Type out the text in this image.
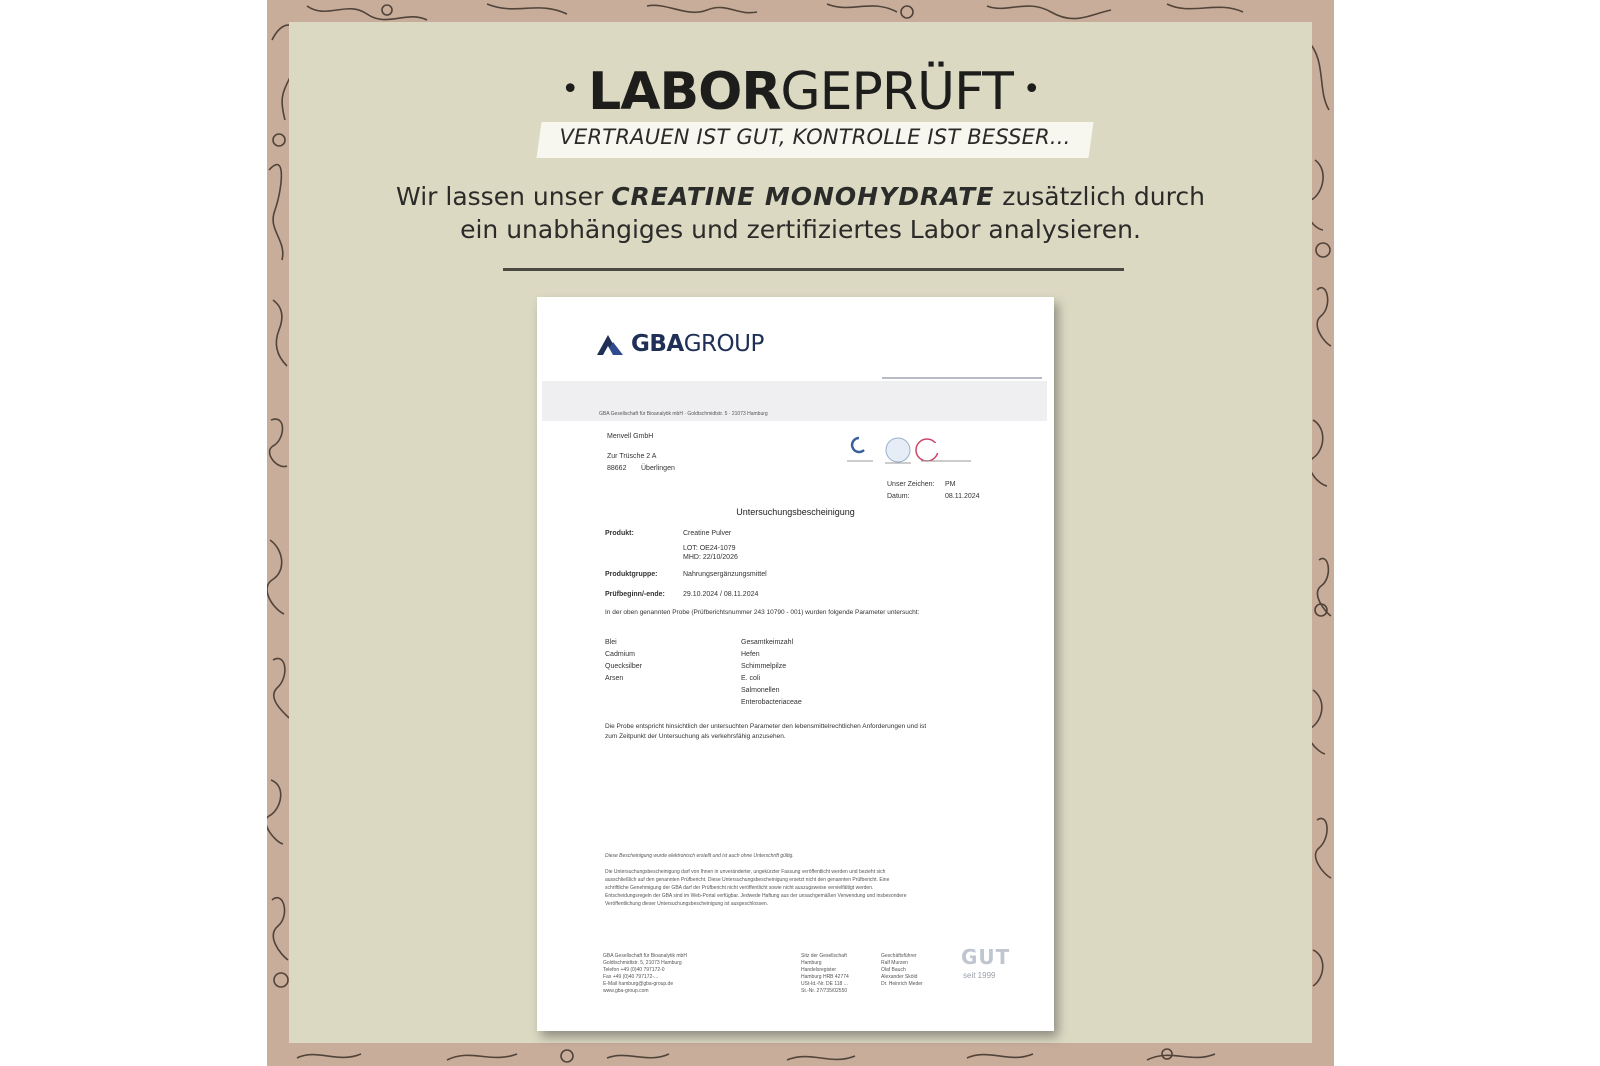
• LABORGEPRÜFT •
VERTRAUEN IST GUT, KONTROLLE IST BESSER...
Wir lassen unser CREATINE MONOHYDRATE zusätzlich durch
ein unabhängiges und zertifiziertes Labor analysieren.
GBAGROUP
GBA Gesellschaft für Bioanalytik mbH · Goldtschmidtstr. 5 · 21073 Hamburg
Menvell GmbH
Zur Trüsche 2 A
88662 Überlingen
Unser Zeichen: PM
Datum:	08.11.2024
Untersuchungsbescheinigung
Produkt:	Creatine Pulver
LOT: OE24-1079
MHD: 22/10/2026
Produktgruppe:	Nahrungsergänzungsmittel
Prüfbeginn/-ende:	29.10.2024 / 08.11.2024
In der oben genannten Probe (Prüfberichtsnummer 243 10790 - 001) wurden folgende Parameter untersucht:
Blei
Cadmium
Quecksilber
Arsen
Gesamtkeimzahl
Hefen
Schimmelpilze
E. coli
Salmonellen
Enterobacteriaceae
Die Probe entspricht hinsichtlich der untersuchten Parameter den lebensmittelrechtlichen Anforderungen und ist
zum Zeitpunkt der Untersuchung als verkehrsfähig anzusehen.
Diese Bescheinigung wurde elektronisch erstellt und ist auch ohne Unterschrift gültig.
Die Untersuchungsbescheinigung darf von Ihnen in unveränderter, ungekürzter Fassung veröffentlicht werden und bezieht sich
ausschließlich auf den genannten Prüfbericht. Diese Untersuchungsbescheinigung ersetzt nicht den genannten Prüfbericht. Eine
schriftliche Genehmigung der GBA darf der Prüfbericht nicht veröffentlicht sowie nicht auszugsweise vervielfältigt werden.
Entscheidungsregeln der GBA sind im Web-Portal verfügbar. Jedwede Haftung aus der unsachgemäßen Verwendung und insbesondere
Veröffentlichung dieser Untersuchungsbescheinigung ist ausgeschlossen.
GBA Gesellschaft für Bioanalytik mbH
Goldtschmidtstr. 5, 21073 Hamburg
Telefon +49 (0)40 797172-0
Fax +49 (0)40 797172-...
E-Mail hamburg@gba-group.de
www.gba-group.com
Sitz der Gesellschaft
Hamburg
Handelsregister
Hamburg HRB 42774
USt-Id.-Nr. DE 118 ...
St.-Nr. 27/735/02550
Geschäftsführer
Ralf Murzen
Olaf Bauch
Alexander Sköld
Dr. Heinrich Meder
GUT
seit 1999
